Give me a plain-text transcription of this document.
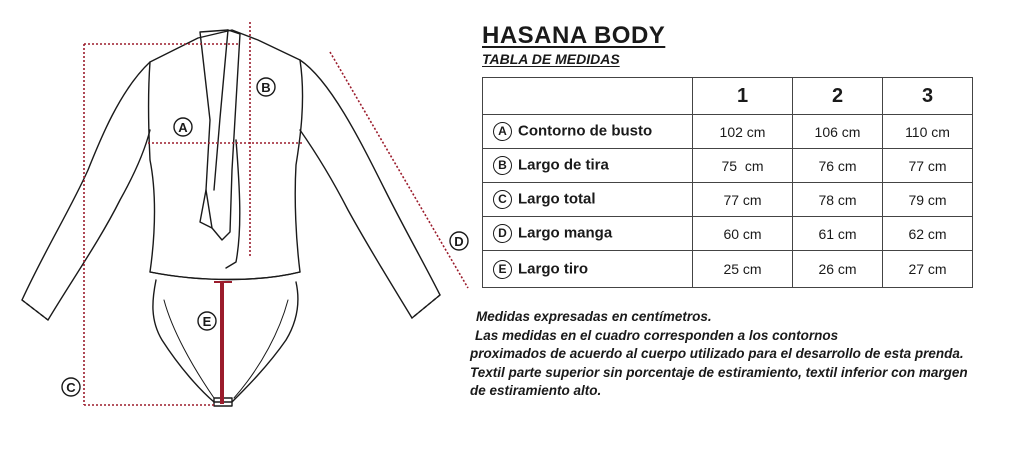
A
B
C
D
E
HASANA BODY
TABLA DE MEDIDAS
	1	2	3
A Contorno de busto	102 cm	106 cm	110 cm
B Largo de tira	75  cm	76 cm	77 cm
C Largo total	77 cm	78 cm	79 cm
D Largo manga	60 cm	61 cm	62 cm
E Largo tiro	25 cm	26 cm	27 cm

Medidas expresadas en centímetros.

Las medidas en el cuadro corresponden a los contornos

proximados de acuerdo al cuerpo utilizado para el desarrollo de esta prenda.

Textil parte superior sin porcentaje de estiramiento, textil inferior con margen

de estiramiento alto.
